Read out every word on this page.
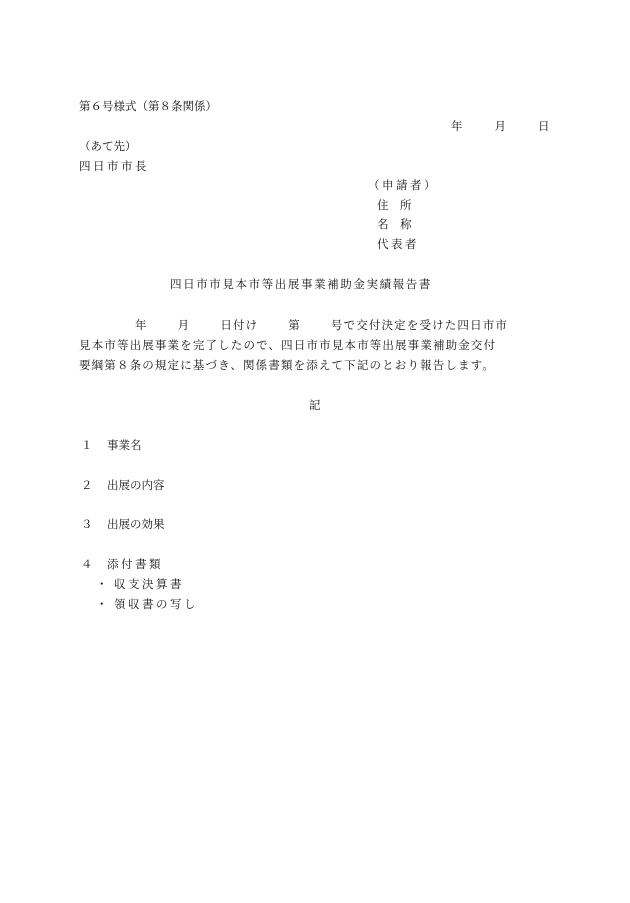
第６号様式（第８条関係）
年	月	日
（あて先）
四日市市長
（申請者）
住　所
名　称
代表者
四日市市見本市等出展事業補助金実績報告書
年	月	日付け	第	号で交付決定を受けた四日市市
見本市等出展事業を完了したので、四日市市見本市等出展事業補助金交付
要綱第８条の規定に基づき、関係書類を添えて下記のとおり報告します。
記
１ 事業名
２ 出展の内容
３ 出展の効果
４ 添付書類
・ 収支決算書
・ 領収書の写し
